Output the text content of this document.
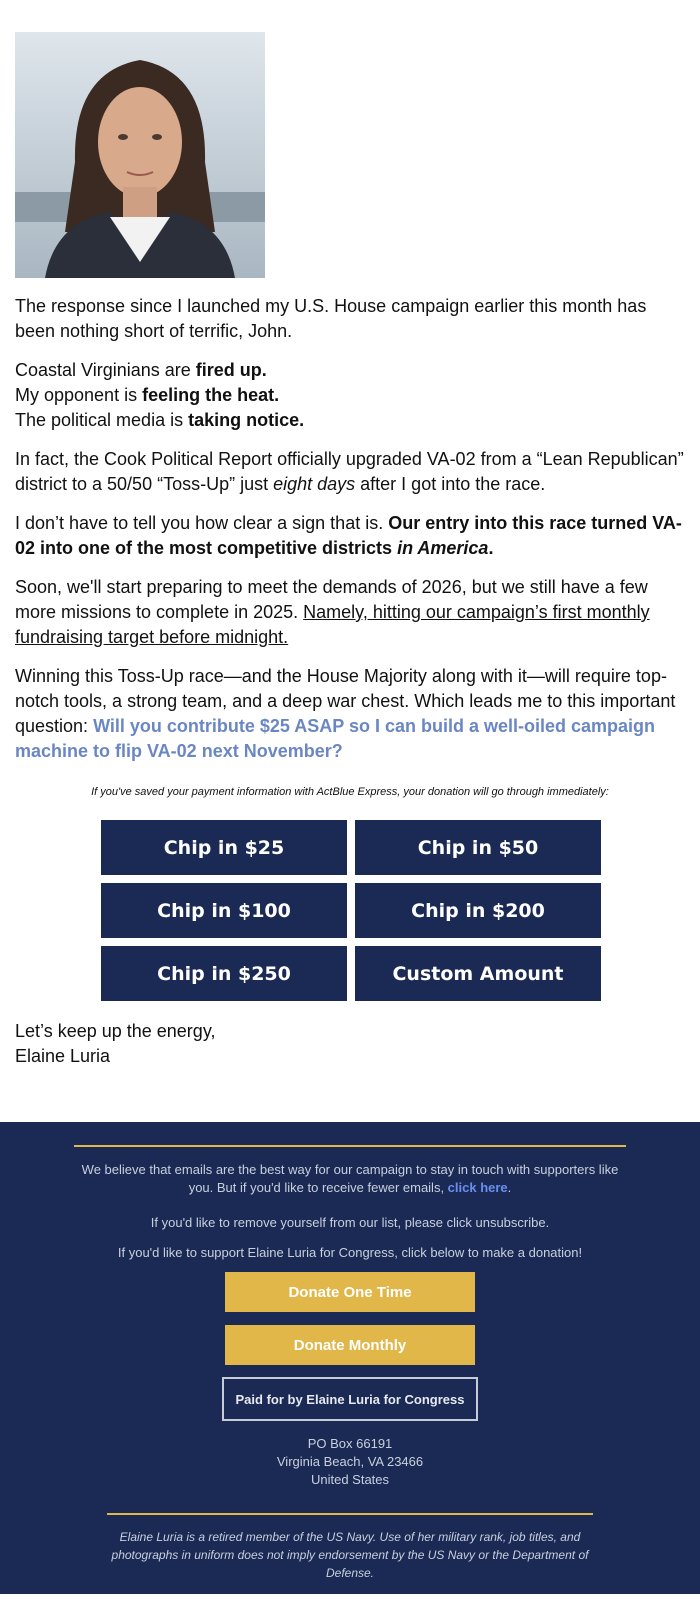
The response since I launched my U.S. House campaign earlier this month has been nothing short of terrific, John.

Coastal Virginians are fired up.
My opponent is feeling the heat.
The political media is taking notice.

In fact, the Cook Political Report officially upgraded VA-02 from a “Lean Republican” district to a 50/50 “Toss-Up” just eight days after I got into the race.

I don’t have to tell you how clear a sign that is. Our entry into this race turned VA-02 into one of the most competitive districts in America.

Soon, we'll start preparing to meet the demands of 2026, but we still have a few more missions to complete in 2025. Namely, hitting our campaign’s first monthly fundraising target before midnight.

Winning this Toss-Up race—and the House Majority along with it—will require top-notch tools, a strong team, and a deep war chest. Which leads me to this important question: Will you contribute $25 ASAP so I can build a well-oiled campaign machine to flip VA-02 next November?

If you've saved your payment information with ActBlue Express, your donation will go through immediately:

Chip in $25	Chip in $50
Chip in $100	Chip in $200
Chip in $250	Custom Amount

Let’s keep up the energy,
Elaine Luria

We believe that emails are the best way for our campaign to stay in touch with supporters like you. But if you'd like to receive fewer emails, click here.

If you'd like to remove yourself from our list, please click unsubscribe.

If you'd like to support Elaine Luria for Congress, click below to make a donation!

Donate One Time
Donate Monthly
Paid for by Elaine Luria for Congress
PO Box 66191
Virginia Beach, VA 23466
United States

Elaine Luria is a retired member of the US Navy. Use of her military rank, job titles, and photographs in uniform does not imply endorsement by the US Navy or the Department of Defense.
